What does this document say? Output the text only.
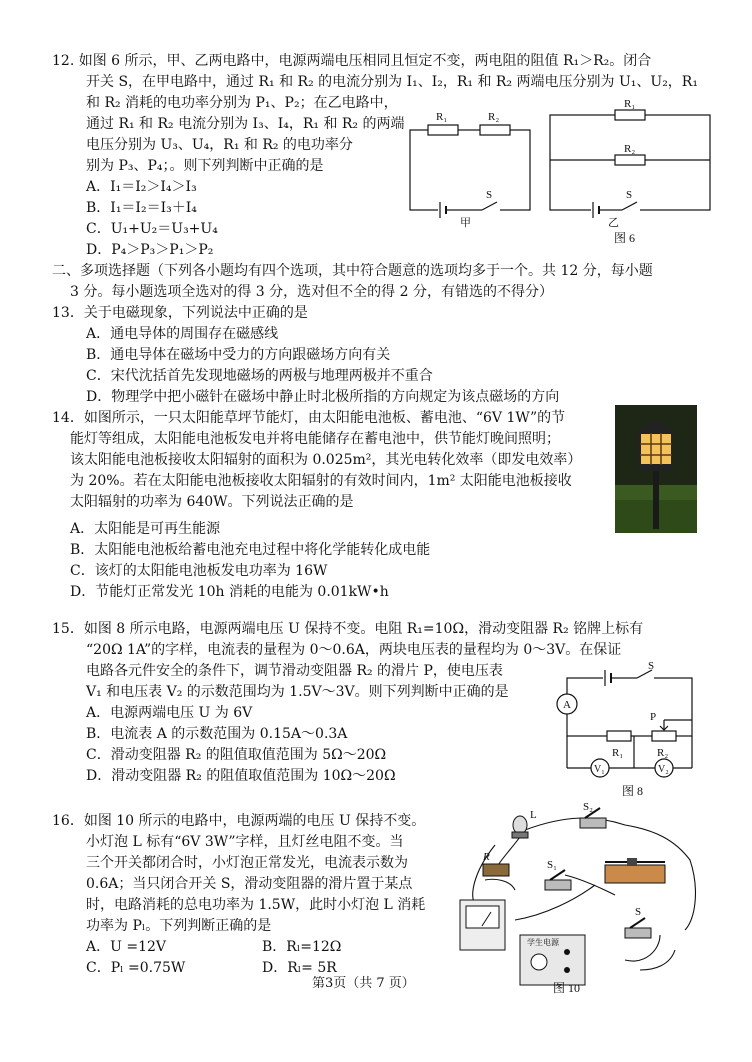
12. 如图 6 所示，甲、乙两电路中，电源两端电压相同且恒定不变，两电阻的阻值 R₁＞R₂。闭合
开关 S，在甲电路中，通过 R₁ 和 R₂ 的电流分别为 I₁、I₂，R₁ 和 R₂ 两端电压分别为 U₁、U₂，R₁
和 R₂ 消耗的电功率分别为 P₁、P₂；在乙电路中，
通过 R₁ 和 R₂ 电流分别为 I₃、I₄，R₁ 和 R₂ 的两端
电压分别为 U₃、U₄，R₁ 和 R₂ 的电功率分
别为 P₃、P₄；。则下列判断中正确的是
A．I₁＝I₂＞I₄＞I₃
B．I₁＝I₂＝I₃＋I₄
C．U₁+U₂＝U₃+U₄
D．P₄＞P₃＞P₁＞P₂
R₁	R₂
S
甲
R₁
R₂
S
乙
图 6
二、多项选择题（下列各小题均有四个选项，其中符合题意的选项均多于一个。共 12 分，每小题
3 分。每小题选项全选对的得 3 分，选对但不全的得 2 分，有错选的不得分）
13．关于电磁现象，下列说法中正确的是
A．通电导体的周围存在磁感线
B．通电导体在磁场中受力的方向跟磁场方向有关
C．宋代沈括首先发现地磁场的两极与地理两极并不重合
D．物理学中把小磁针在磁场中静止时北极所指的方向规定为该点磁场的方向
14．如图所示，一只太阳能草坪节能灯，由太阳能电池板、蓄电池、“6V 1W”的节
能灯等组成，太阳能电池板发电并将电能储存在蓄电池中，供节能灯晚间照明；
该太阳能电池板接收太阳辐射的面积为 0.025m²，其光电转化效率（即发电效率）
为 20%。若在太阳能电池板接收太阳辐射的有效时间内，1m² 太阳能电池板接收
太阳辐射的功率为 640W。下列说法正确的是
A．太阳能是可再生能源
B．太阳能电池板给蓄电池充电过程中将化学能转化成电能
C．该灯的太阳能电池板发电功率为 16W
D．节能灯正常发光 10h 消耗的电能为 0.01kW•h
15．如图 8 所示电路，电源两端电压 U 保持不变。电阻 R₁=10Ω，滑动变阻器 R₂ 铭牌上标有
“20Ω 1A”的字样，电流表的量程为 0～0.6A，两块电压表的量程均为 0～3V。在保证
电路各元件安全的条件下，调节滑动变阻器 R₂ 的滑片 P，使电压表
V₁ 和电压表 V₂ 的示数范围均为 1.5V～3V。则下列判断中正确的是
A．电源两端电压 U 为 6V
B．电流表 A 的示数范围为 0.15A～0.3A
C．滑动变阻器 R₂ 的阻值取值范围为 5Ω～20Ω
D．滑动变阻器 R₂ 的阻值取值范围为 10Ω～20Ω
A
S
P
R₁	R₂
V₁	V₂
图 8
16．如图 10 所示的电路中，电源两端的电压 U 保持不变。
小灯泡 L 标有“6V 3W”字样，且灯丝电阻不变。当
三个开关都闭合时，小灯泡正常发光，电流表示数为
0.6A；当只闭合开关 S，滑动变阻器的滑片置于某点
时，电路消耗的总电功率为 1.5W，此时小灯泡 L 消耗
功率为 Pₗ。下列判断正确的是
A．U =12V	B．Rₗ=12Ω
C．Pₗ =0.75W	D．Rₗ= 5R
L
S₂
R
S₁
S
学生电源
图 10
第3页（共 7 页）
